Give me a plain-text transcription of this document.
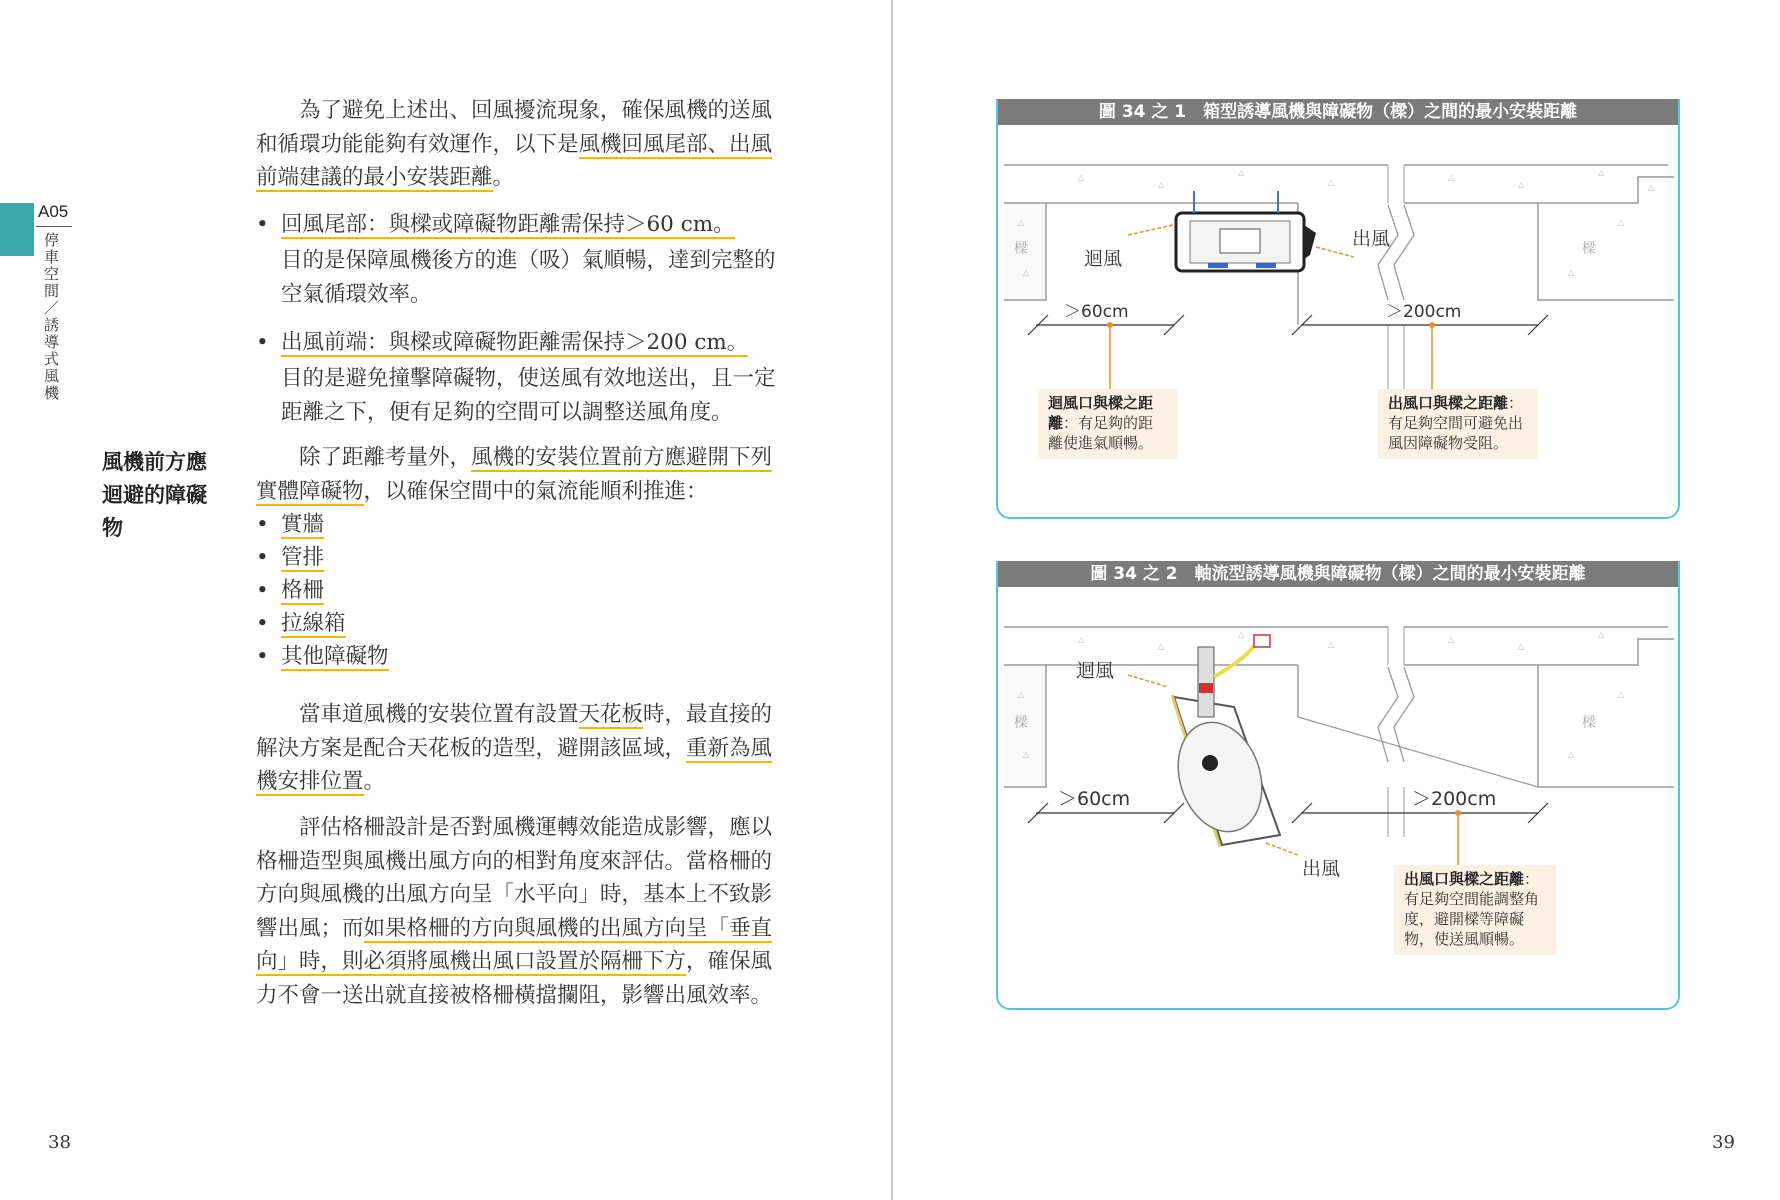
A05
停車空間／誘導式風機
風機前方應迴避的障礙物

為了避免上述出、回風擾流現象，確保風機的送風和循環功能能夠有效運作，以下是風機回風尾部、出風前端建議的最小安裝距離。

• 回風尾部：與樑或障礙物距離需保持＞60 cm。

目的是保障風機後方的進（吸）氣順暢，達到完整的空氣循環效率。

• 出風前端：與樑或障礙物距離需保持＞200 cm。

目的是避免撞擊障礙物，使送風有效地送出，且一定距離之下，便有足夠的空間可以調整送風角度。

除了距離考量外，風機的安裝位置前方應避開下列實體障礙物，以確保空間中的氣流能順利推進：

• 實牆
• 管排
• 格柵
• 拉線箱
• 其他障礙物

當車道風機的安裝位置有設置天花板時，最直接的解決方案是配合天花板的造型，避開該區域，重新為風機安排位置。

評估格柵設計是否對風機運轉效能造成影響，應以格柵造型與風機出風方向的相對角度來評估。當格柵的方向與風機的出風方向呈「水平向」時，基本上不致影響出風；而如果格柵的方向與風機的出風方向呈「垂直向」時，則必須將風機出風口設置於隔柵下方，確保風力不會一送出就直接被格柵橫擋攔阻，影響出風效率。

38	39
圖 34 之 1　箱型誘導風機與障礙物（樑）之間的最小安裝距離
樑	樑
△
△
△
△
△
△
△
△	△
△
△
△
迴風
出風
＞60cm	＞200cm
迴風口與樑之距離：有足夠的距離使進氣順暢。
出風口與樑之距離：有足夠空間可避免出風因障礙物受阻。
圖 34 之 2　軸流型誘導風機與障礙物（樑）之間的最小安裝距離
樑	樑
△
△
△
△
△
△
△
△	△
△
△
迴風
出風
＞60cm	＞200cm
出風口與樑之距離：有足夠空間能調整角度，避開樑等障礙物，使送風順暢。
